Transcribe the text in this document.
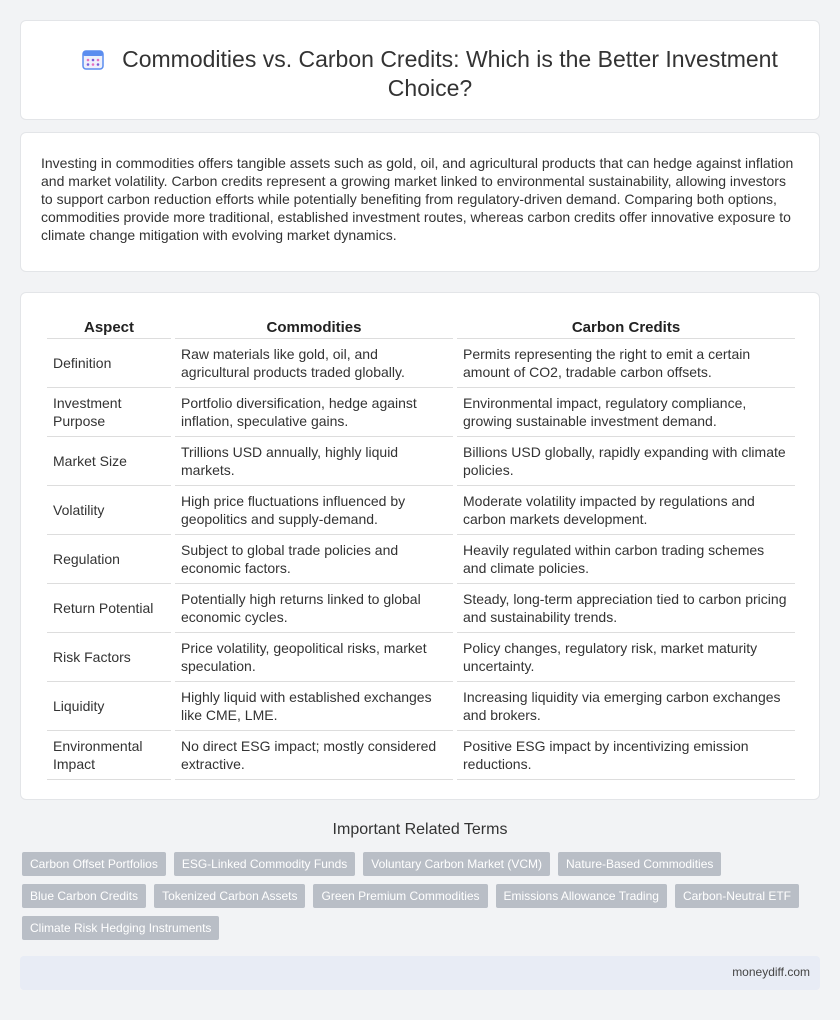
Commodities vs. Carbon Credits: Which is the Better Investment Choice?

Investing in commodities offers tangible assets such as gold, oil, and agricultural products that can hedge against inflation and market volatility. Carbon credits represent a growing market linked to environmental sustainability, allowing investors to support carbon reduction efforts while potentially benefiting from regulatory-driven demand. Comparing both options, commodities provide more traditional, established investment routes, whereas carbon credits offer innovative exposure to climate change mitigation with evolving market dynamics.

Aspect	Commodities	Carbon Credits
Definition	Raw materials like gold, oil, and agricultural products traded globally.	Permits representing the right to emit a certain amount of CO2, tradable carbon offsets.
Investment Purpose	Portfolio diversification, hedge against inflation, speculative gains.	Environmental impact, regulatory compliance, growing sustainable investment demand.
Market Size	Trillions USD annually, highly liquid markets.	Billions USD globally, rapidly expanding with climate policies.
Volatility	High price fluctuations influenced by geopolitics and supply-demand.	Moderate volatility impacted by regulations and carbon markets development.
Regulation	Subject to global trade policies and economic factors.	Heavily regulated within carbon trading schemes and climate policies.
Return Potential	Potentially high returns linked to global economic cycles.	Steady, long-term appreciation tied to carbon pricing and sustainability trends.
Risk Factors	Price volatility, geopolitical risks, market speculation.	Policy changes, regulatory risk, market maturity uncertainty.
Liquidity	Highly liquid with established exchanges like CME, LME.	Increasing liquidity via emerging carbon exchanges and brokers.
Environmental Impact	No direct ESG impact; mostly considered extractive.	Positive ESG impact by incentivizing emission reductions.
Important Related Terms
Carbon Offset Portfolios	ESG-Linked Commodity Funds	Voluntary Carbon Market (VCM)	Nature-Based Commodities
Blue Carbon Credits	Tokenized Carbon Assets	Green Premium Commodities	Emissions Allowance Trading	Carbon-Neutral ETF
Climate Risk Hedging Instruments
moneydiff.com
